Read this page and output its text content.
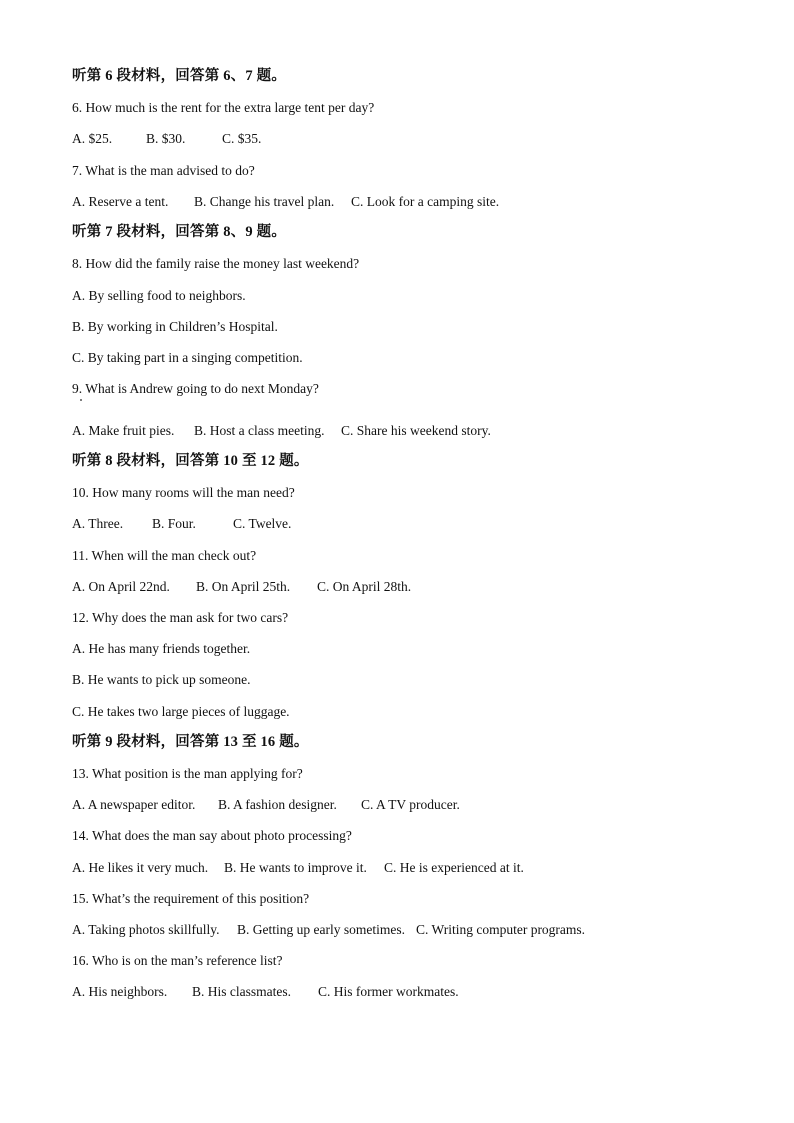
听第 6 段材料，回答第 6、7 题。
6. How much is the rent for the extra large tent per day?
A. $25.	B. $30.	C. $35.
7. What is the man advised to do?
A. Reserve a tent. B. Change his travel plan. C. Look for a camping site.
听第 7 段材料，回答第 8、9 题。
8. How did the family raise the money last weekend?
A. By selling food to neighbors.
B. By working in Children’s Hospital.
C. By taking part in a singing competition.
9. What is Andrew going to do next Monday?
A. Make fruit pies. B. Host a class meeting. C. Share his weekend story.
听第 8 段材料，回答第 10 至 12 题。
10. How many rooms will the man need?
A. Three. B. Four.	C. Twelve.
11. When will the man check out?
A. On April 22nd. B. On April 25th. C. On April 28th.
12. Why does the man ask for two cars?
A. He has many friends together.
B. He wants to pick up someone.
C. He takes two large pieces of luggage.
听第 9 段材料，回答第 13 至 16 题。
13. What position is the man applying for?
A. A newspaper editor. B. A fashion designer. C. A TV producer.
14. What does the man say about photo processing?
A. He likes it very much. B. He wants to improve it. C. He is experienced at it.
15. What’s the requirement of this position?
A. Taking photos skillfully. B. Getting up early sometimes. C. Writing computer programs.
16. Who is on the man’s reference list?
A. His neighbors. B. His classmates. C. His former workmates.
